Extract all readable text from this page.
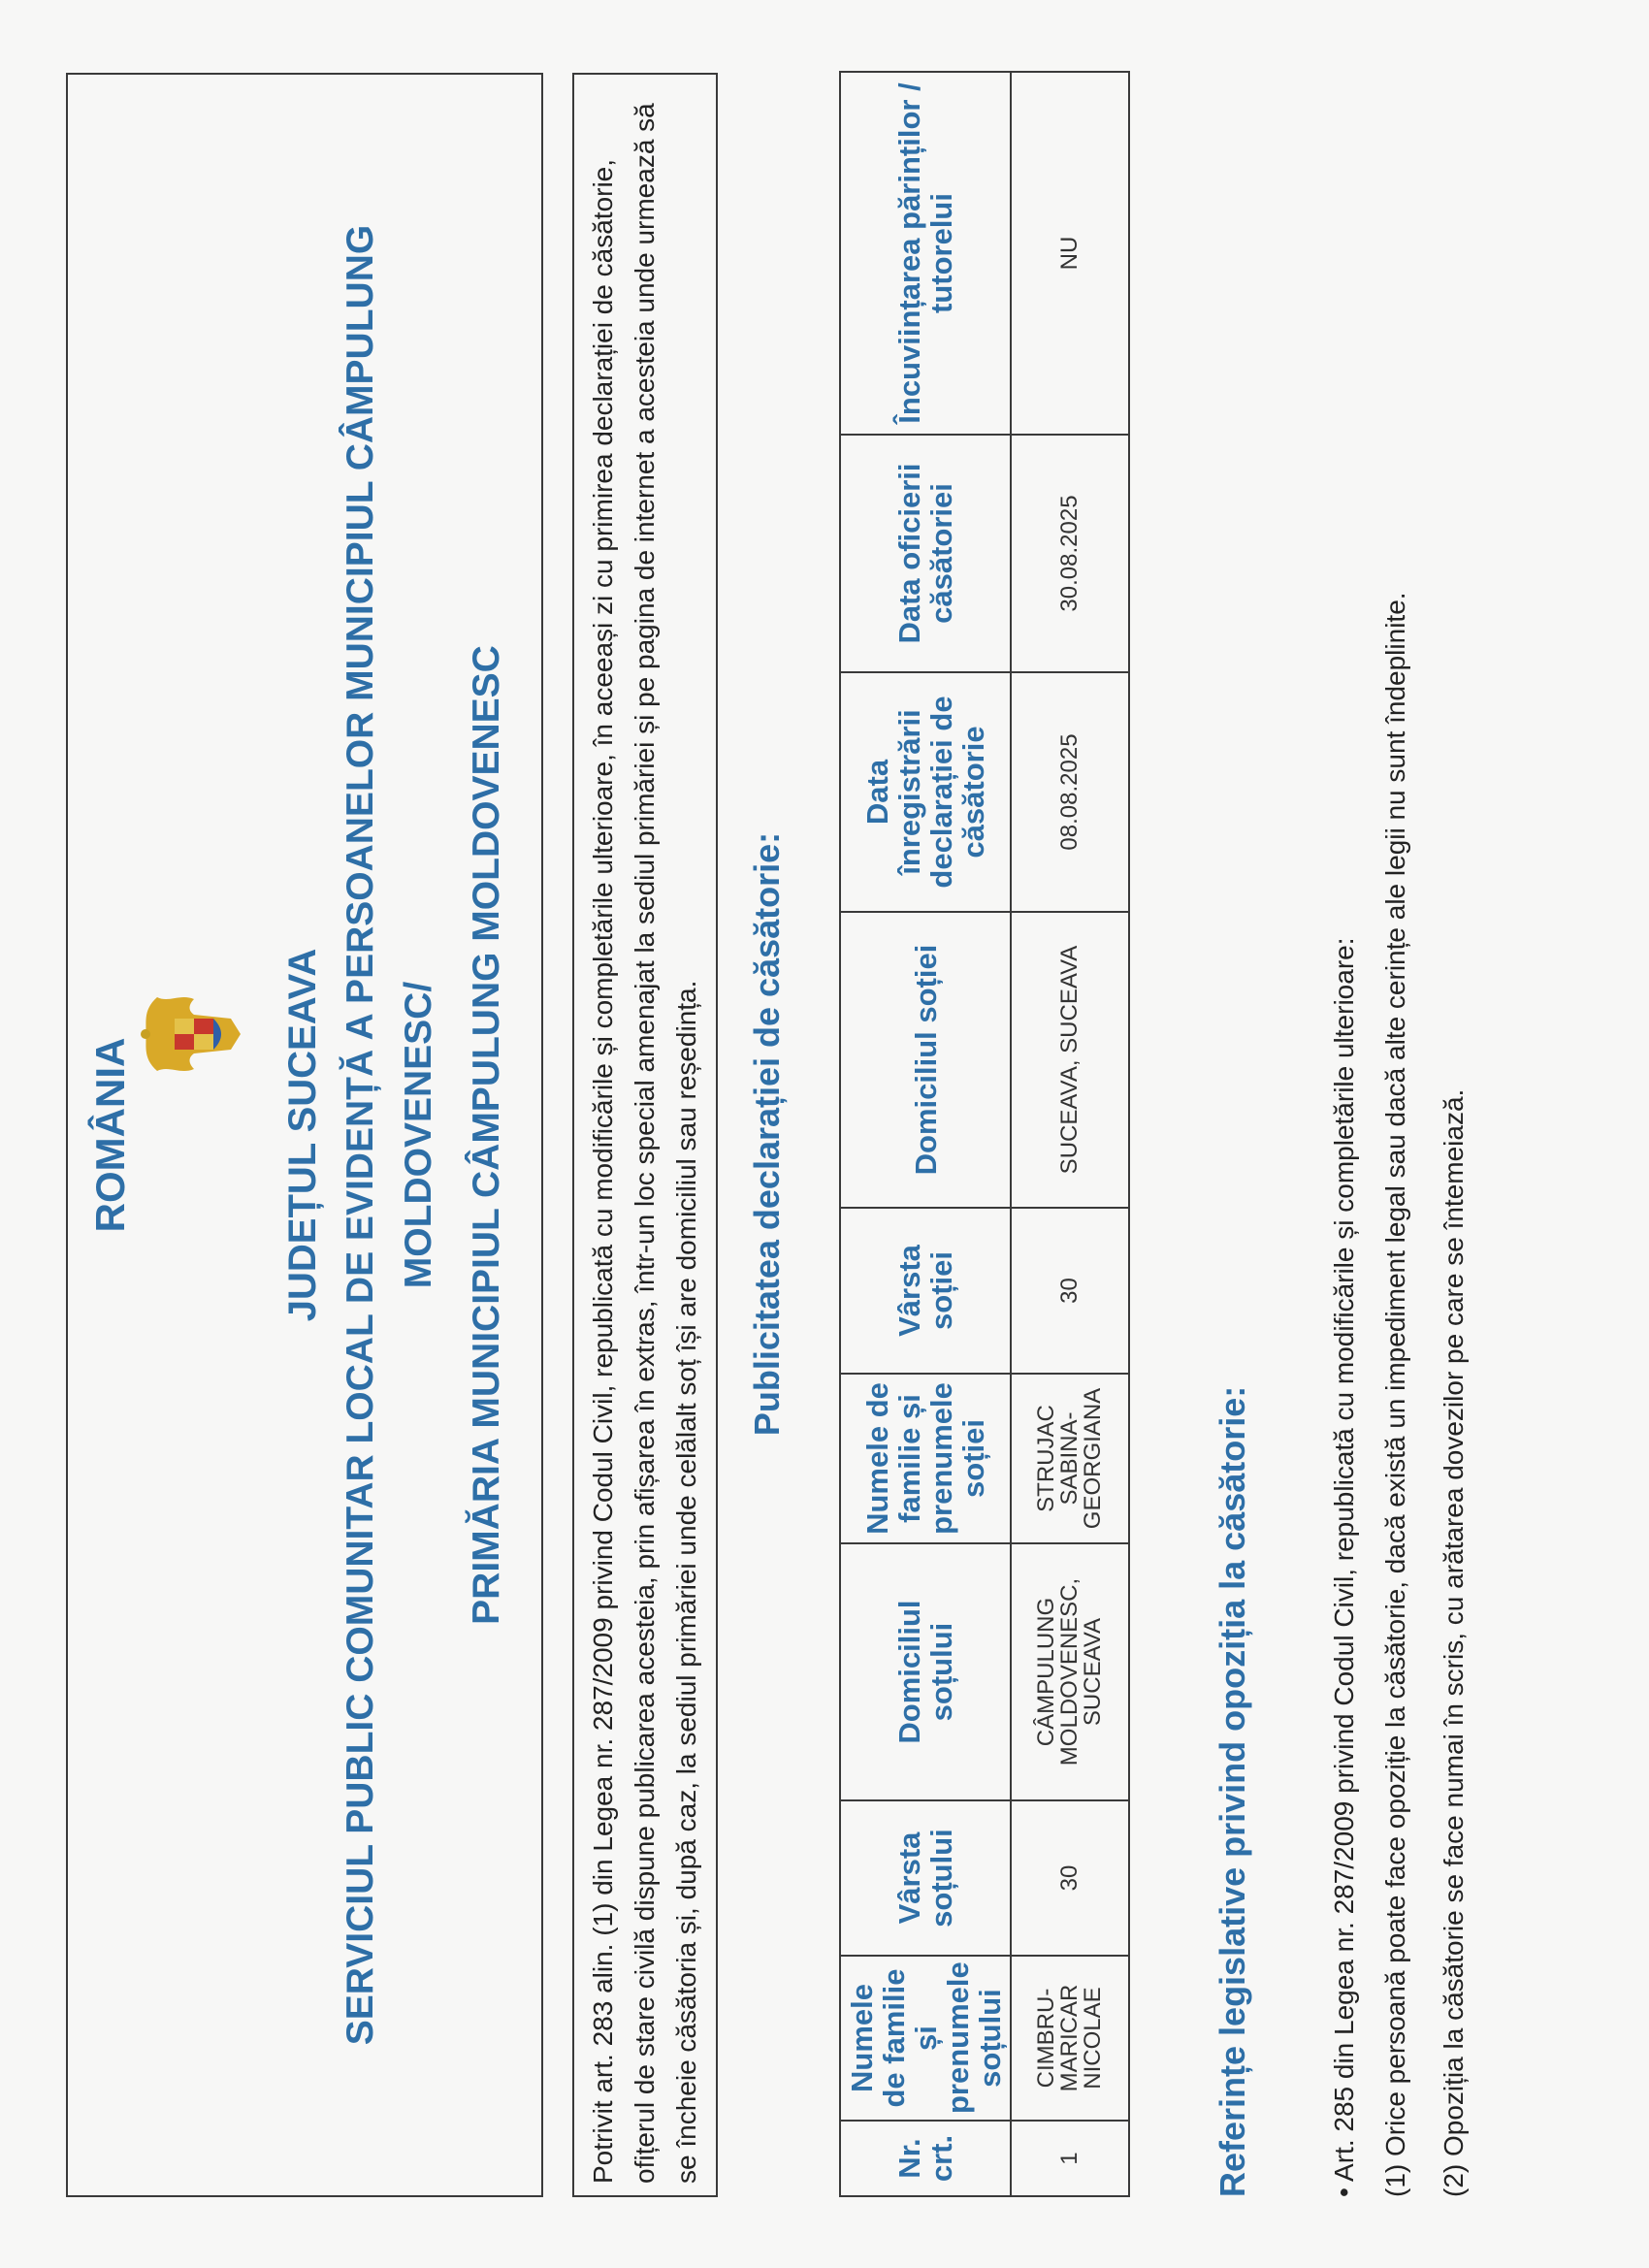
ROMÂNIA	JUDEȚUL SUCEAVA SERVICIUL PUBLIC COMUNITAR LOCAL DE EVIDENȚĂ A PERSOANELOR MUNICIPIUL CÂMPULUNG MOLDOVENESC/ PRIMĂRIA MUNICIPIUL CÂMPULUNG MOLDOVENESC	Potrivit art. 283 alin. (1) din Legea nr. 287/2009 privind Codul Civil, republicată cu modificările și completările ulterioare, în aceeași zi cu primirea declarației de căsătorie, ofițerul de stare civilă dispune publicarea acesteia, prin afișarea în extras, într-un loc special amenajat la sediul primăriei și pe pagina de internet a acesteia unde urmează să se încheie căsătoria și, după caz, la sediul primăriei unde celălalt soț își are domiciliul sau reședința.	Publicitatea declarației de căsătorie:

Nr. crt.	Numele de familie și prenumele soțului	Vârsta soțului	Domiciliul soțului	Numele de familie și prenumele soției	Vârsta soției	Domiciliul soției	Data înregistrării declarației de căsătorie	Data oficierii căsătoriei	Încuviințarea părinților / tutorelui
1	CIMBRU-MARICAR NICOLAE	30	CÂMPULUNG MOLDOVENESC, SUCEAVA	STRUJAC SABINA-GEORGIANA	30	SUCEAVA, SUCEAVA	08.08.2025	30.08.2025	NU

Referințe legislative privind opoziția la căsătorie:	• Art. 285 din Legea nr. 287/2009 privind Codul Civil, republicată cu modificările și completările ulterioare: (1) Orice persoană poate face opoziție la căsătorie, dacă există un impediment legal sau dacă alte cerințe ale legii nu sunt îndeplinite. (2) Opoziția la căsătorie se face numai în scris, cu arătarea dovezilor pe care se întemeiază.
